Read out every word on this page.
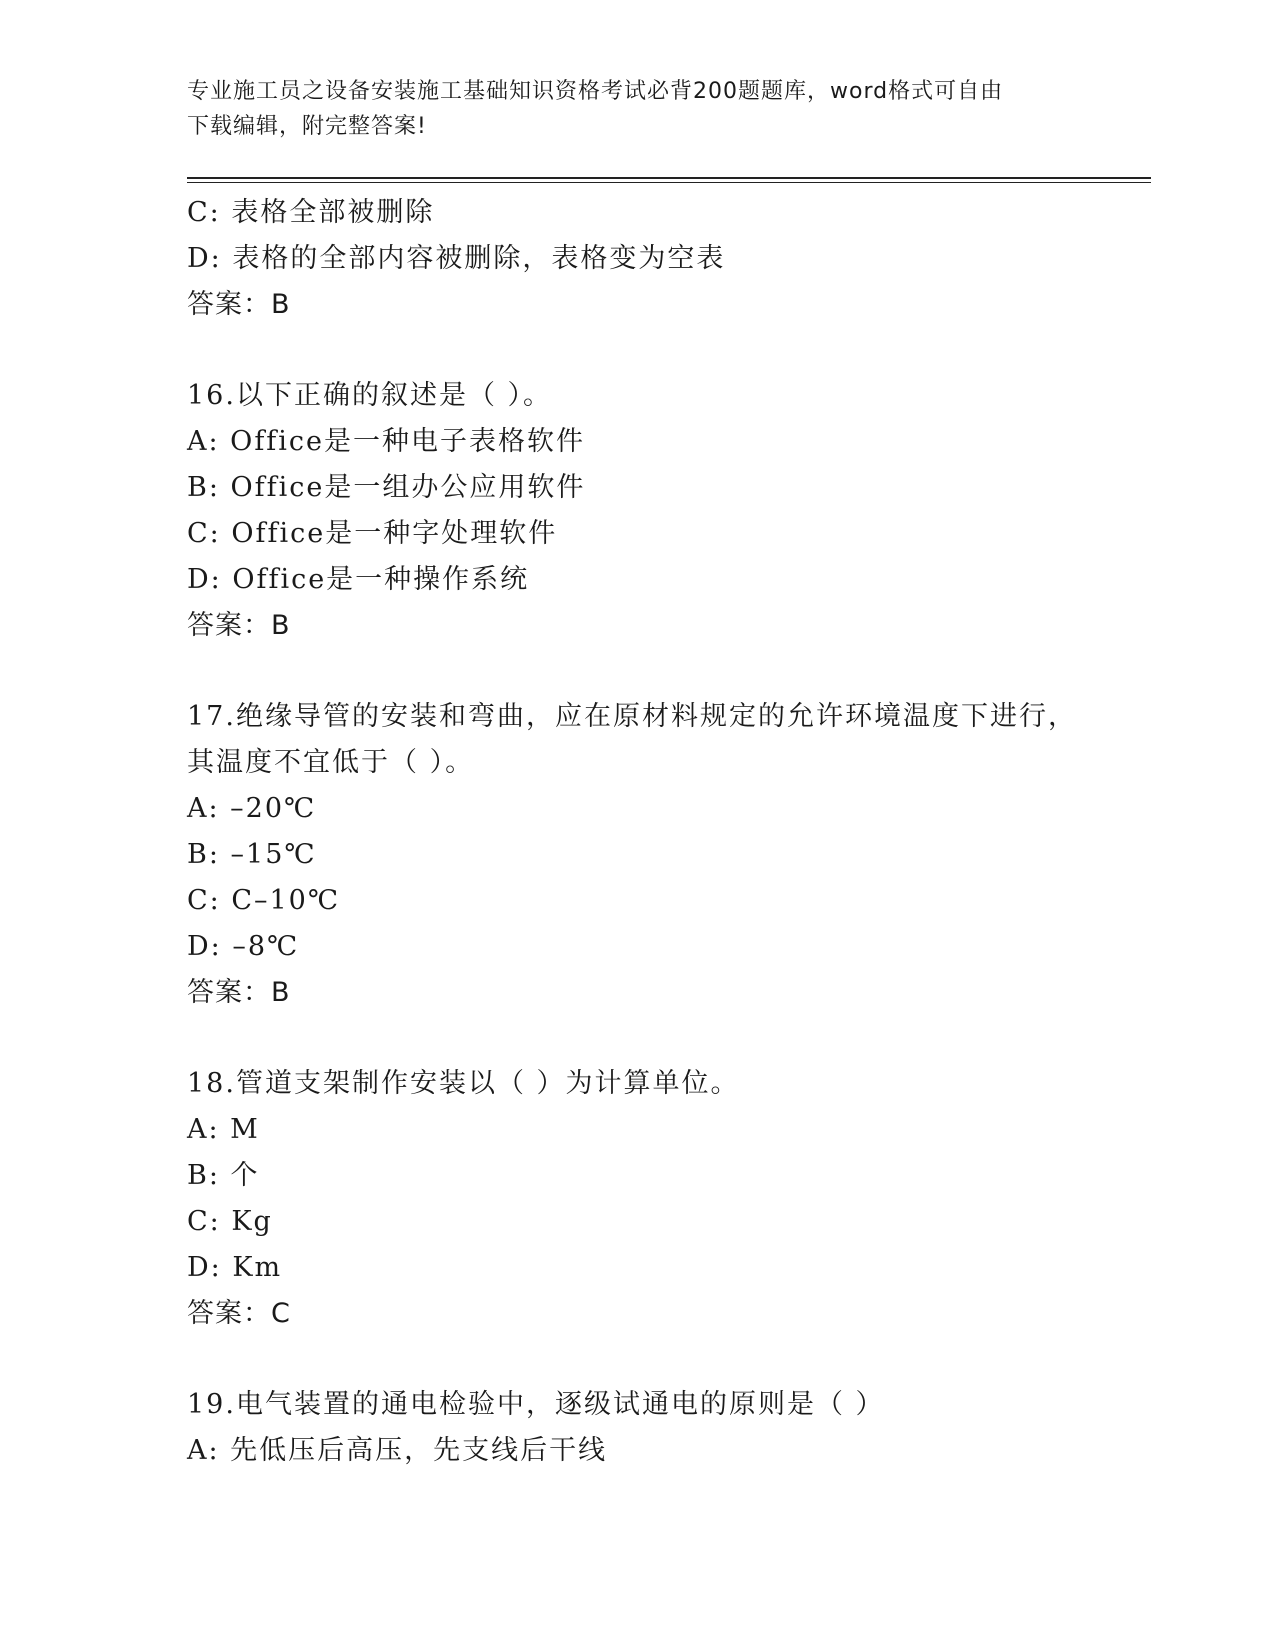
专业施工员之设备安装施工基础知识资格考试必背200题题库，word格式可自由
下载编辑，附完整答案!
C: 表格全部被删除
D: 表格的全部内容被删除，表格变为空表
答案：B
16.以下正确的叙述是（ ）。
A: Office是一种电子表格软件
B: Office是一组办公应用软件
C: Office是一种字处理软件
D: Office是一种操作系统
答案：B
17.绝缘导管的安装和弯曲，应在原材料规定的允许环境温度下进行，
其温度不宜低于（ ）。
A: –20℃
B: –15℃
C: C–10℃
D: –8℃
答案：B
18.管道支架制作安装以（ ）为计算单位。
A: M
B: 个
C: Kg
D: Km
答案：C
19.电气装置的通电检验中，逐级试通电的原则是（ ）
A: 先低压后高压，先支线后干线
